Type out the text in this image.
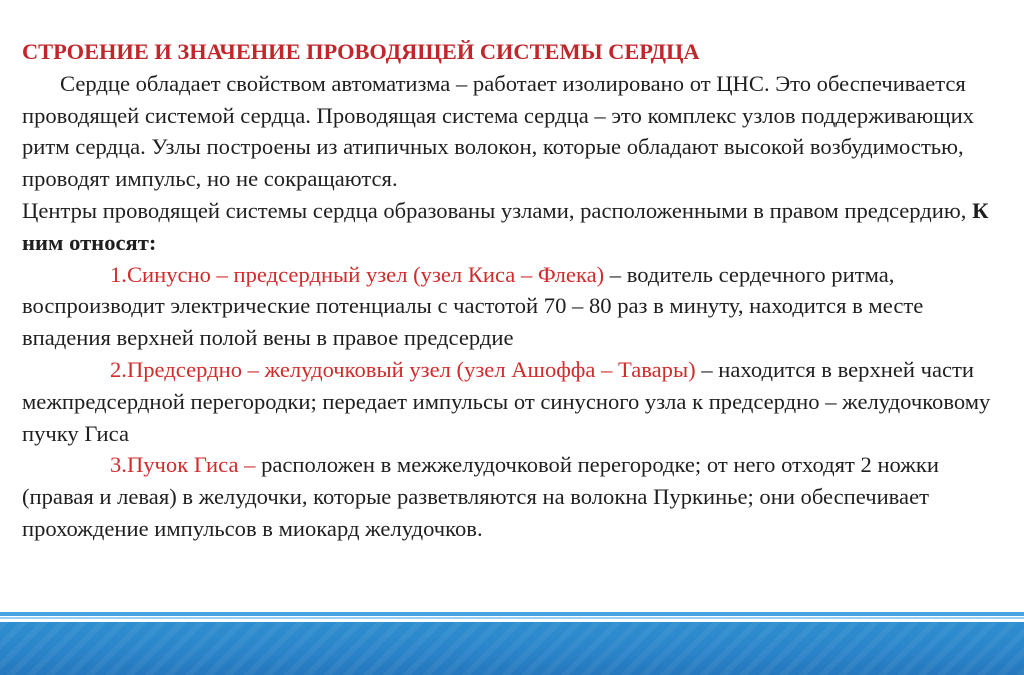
СТРОЕНИЕ И ЗНАЧЕНИЕ ПРОВОДЯЩЕЙ СИСТЕМЫ СЕРДЦА

Сердце обладает свойством автоматизма – работает изолировано от ЦНС. Это обеспечивается проводящей системой сердца. Проводящая система сердца – это комплекс узлов поддерживающих ритм сердца. Узлы построены из атипичных волокон, которые обладают высокой возбудимостью, проводят импульс, но не сокращаются.

Центры проводящей системы сердца образованы узлами, расположенными в правом предсердию, К ним относят:

1.Синусно – предсердный узел (узел Киса – Флека) – водитель сердечного ритма, воспроизводит электрические потенциалы с частотой 70 – 80 раз в минуту, находится в месте впадения верхней полой вены в правое предсердие

2.Предсердно – желудочковый узел (узел Ашоффа – Тавары) – находится в верхней части межпредсердной перегородки; передает импульсы от синусного узла к предсердно – желудочковому пучку Гиса

3.Пучок Гиса – расположен в межжелудочковой перегородке; от него отходят 2 ножки (правая и левая) в желудочки, которые разветвляются на волокна Пуркинье; они обеспечивает прохождение импульсов в миокард желудочков.
